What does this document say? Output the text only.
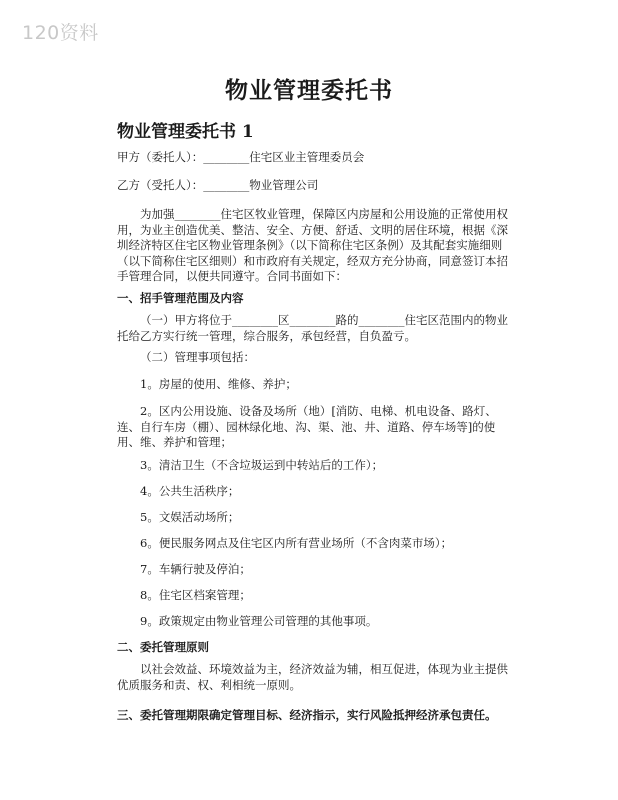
120资料
物业管理委托书
物业管理委托书 1

甲方（委托人）：________住宅区业主管理委员会

乙方（受托人）：________物业管理公司

为加强________住宅区牧业管理，保障区内房屋和公用设施的正常使用权用，为业主创造优美、整洁、安全、方便、舒适、文明的居住环境，根据《深圳经济特区住宅区物业管理条例》（以下简称住宅区条例）及其配套实施细则（以下简称住宅区细则）和市政府有关规定，经双方充分协商，同意签订本招手管理合同，以便共同遵守。合同书面如下：

一、招手管理范围及内容

（一）甲方将位于________区________路的________住宅区范围内的物业托给乙方实行统一管理，综合服务，承包经营，自负盈亏。

（二）管理事项包括：

1。房屋的使用、维修、养护；

2。区内公用设施、设备及场所（地）[消防、电梯、机电设备、路灯、连、自行车房（棚）、园林绿化地、沟、渠、池、井、道路、停车场等]的使用、维、养护和管理；

3。清洁卫生（不含垃圾运到中转站后的工作）；

4。公共生活秩序；

5。文娱活动场所；

6。便民服务网点及住宅区内所有营业场所（不含肉菜市场）；

7。车辆行驶及停泊；

8。住宅区档案管理；

9。政策规定由物业管理公司管理的其他事项。

二、委托管理原则

以社会效益、环境效益为主，经济效益为辅，相互促进，体现为业主提供优质服务和责、权、利相统一原则。

三、委托管理期限确定管理目标、经济指示，实行风险抵押经济承包责任。
